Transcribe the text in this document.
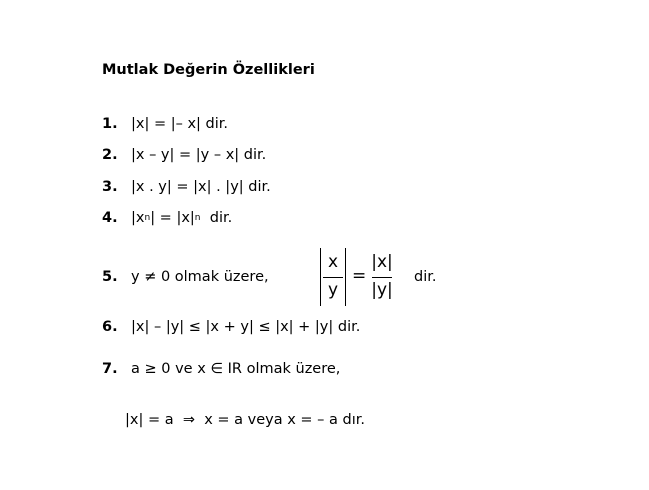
Mutlak Değerin Özellikleri
1. |x| = |– x| dir.
2. |x – y| = |y – x| dir.
3. |x . y| = |x| . |y| dir.
4. $|x^n| = |x|^n$  dir.
5. y ≠ 0 olmak üzere,
x
y
=
|x|
|y|
dir.
6. |x| – |y| ≤ |x + y| ≤ |x| + |y| dir.
7. a ≥ 0 ve x ∈ IR olmak üzere,
|x| = a  ⇒  x = a veya x = – a dır.
